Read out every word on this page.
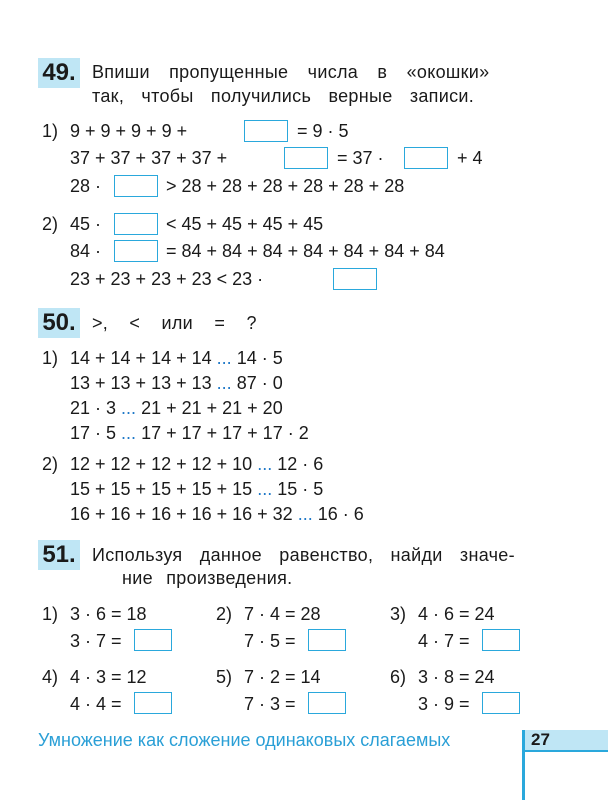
49. Впиши пропущенные числа в «окошки»
так, чтобы получились верные записи.
1) 9 + 9 + 9 + 9 +	= 9 · 5
37 + 37 + 37 + 37 +	= 37 ·	+ 4
28 ·	> 28 + 28 + 28 + 28 + 28 + 28
2) 45 ·	< 45 + 45 + 45 + 45
84 ·	= 84 + 84 + 84 + 84 + 84 + 84 + 84
23 + 23 + 23 + 23 < 23 ·
50. >, < или = ?
1) 14 + 14 + 14 + 14 ... 14 · 5
13 + 13 + 13 + 13 ... 87 · 0
21 · 3 ... 21 + 21 + 21 + 20
17 · 5 ... 17 + 17 + 17 + 17 · 2
2) 12 + 12 + 12 + 12 + 10 ... 12 · 6
15 + 15 + 15 + 15 + 15 ... 15 · 5
16 + 16 + 16 + 16 + 16 + 32 ... 16 · 6
51. Используя данное равенство, найди значе-
ние произведения.
1) 3 · 6 = 18
3 · 7 =
2) 7 · 4 = 28
7 · 5 =
3) 4 · 6 = 24
4 · 7 =
4) 4 · 3 = 12
4 · 4 =
5) 7 · 2 = 14
7 · 3 =
6) 3 · 8 = 24
3 · 9 =
Умножение как сложение одинаковых слагаемых	27
